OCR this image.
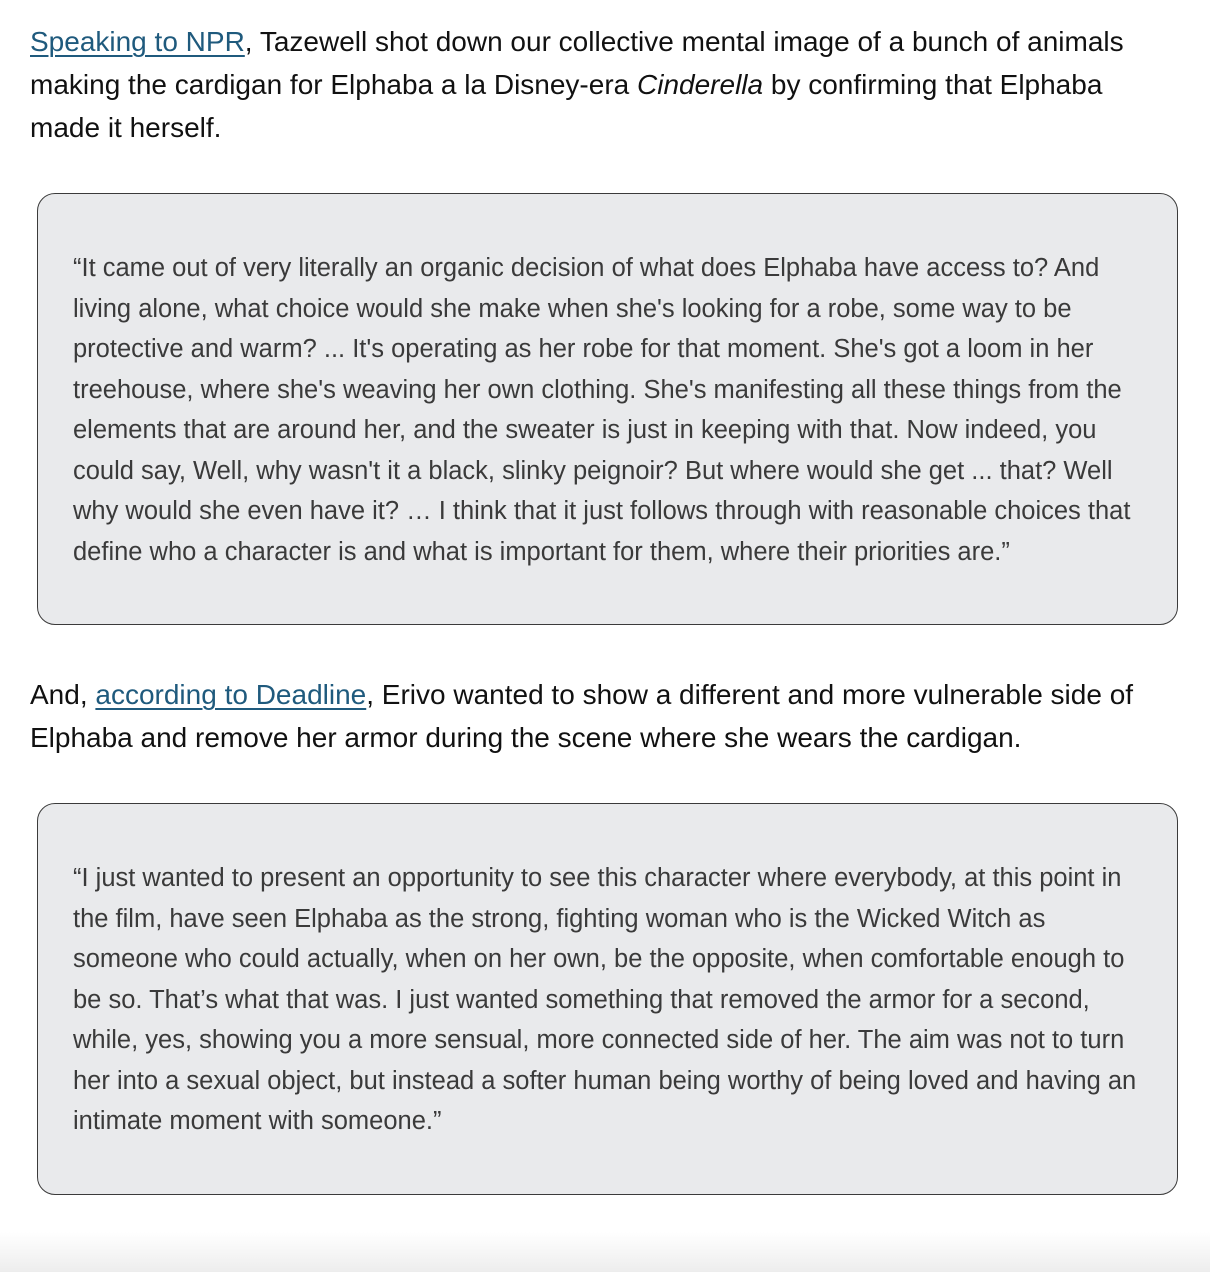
Speaking to NPR, Tazewell shot down our collective mental image of a bunch of animals making the cardigan for Elphaba a la Disney-era Cinderella by confirming that Elphaba made it herself.

“It came out of very literally an organic decision of what does Elphaba have access to? And living alone, what choice would she make when she's looking for a robe, some way to be protective and warm? ... It's operating as her robe for that moment. She's got a loom in her treehouse, where she's weaving her own clothing. She's manifesting all these things from the elements that are around her, and the sweater is just in keeping with that. Now indeed, you could say, Well, why wasn't it a black, slinky peignoir? But where would she get ... that? Well why would she even have it? … I think that it just follows through with reasonable choices that define who a character is and what is important for them, where their priorities are.”

And, according to Deadline, Erivo wanted to show a different and more vulnerable side of Elphaba and remove her armor during the scene where she wears the cardigan.

“I just wanted to present an opportunity to see this character where everybody, at this point in the film, have seen Elphaba as the strong, fighting woman who is the Wicked Witch as someone who could actually, when on her own, be the opposite, when comfortable enough to be so. That’s what that was. I just wanted something that removed the armor for a second, while, yes, showing you a more sensual, more connected side of her. The aim was not to turn her into a sexual object, but instead a softer human being worthy of being loved and having an intimate moment with someone.”
